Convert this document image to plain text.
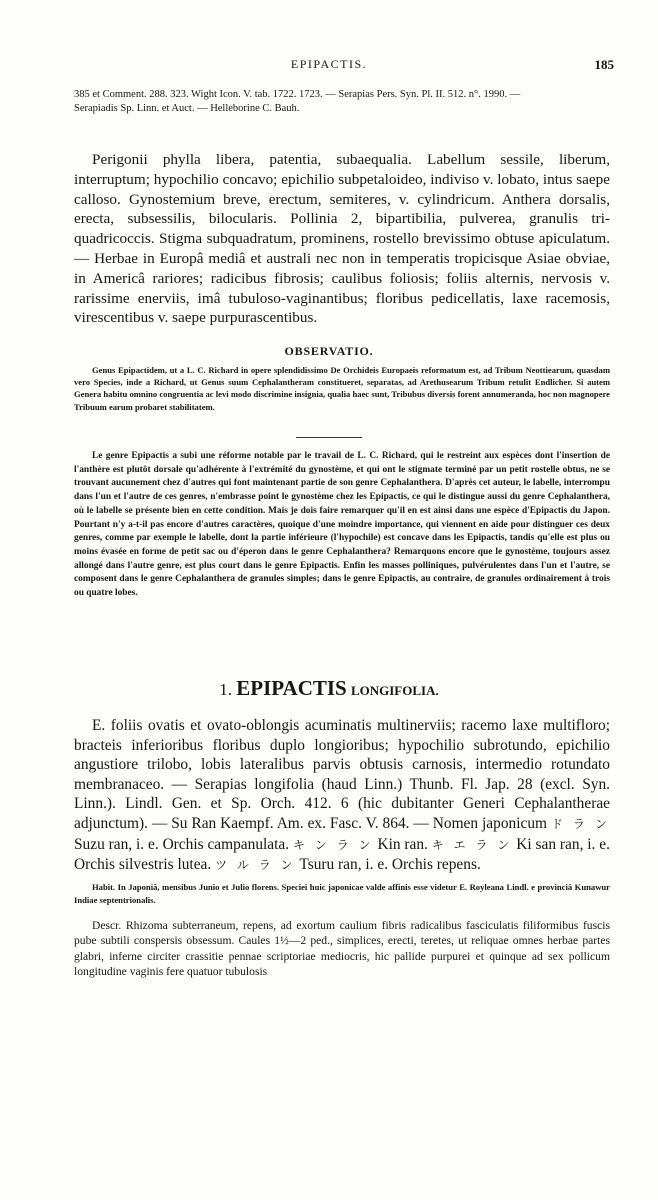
EPIPACTIS.	185
385 et Comment. 288. 323. Wight Icon. V. tab. 1722. 1723. — Serapias Pers. Syn. Pl. II. 512. n°. 1990. —
Serapiadis Sp. Linn. et Auct. — Helleborine C. Bauh.
Perigonii phylla libera, patentia, subaequalia. Labellum sessile, liberum, interruptum; hypochilio concavo; epichilio subpetaloideo, indiviso v. lobato, intus saepe calloso. Gynostemium breve, erectum, semiteres, v. cylindricum. Anthera dorsalis, erecta, subsessilis, bilocularis. Pollinia 2, bipartibilia, pulverea, granulis tri-quadricoccis. Stigma subquadratum, prominens, rostello brevissimo obtuse apiculatum. — Herbae in Europâ mediâ et australi nec non in temperatis tropicisque Asiae obviae, in Americâ rariores; radicibus fibrosis; caulibus foliosis; foliis alternis, nervosis v. rarissime enerviis, imâ tubuloso-vaginantibus; floribus pedicellatis, laxe racemosis, virescentibus v. saepe purpurascentibus.
OBSERVATIO.
Genus Epipactidem, ut a L. C. Richard in opere splendidissimo De Orchideis Europaeis reformatum est, ad Tribum Neottiearum, quasdam vero Species, inde a Richard, ut Genus suum Cephalantheram constitueret, separatas, ad Arethusearum Tribum retulit Endlicher. Si autem Genera habitu omnino congruentia ac levi modo discrimine insignia, qualia haec sunt, Tribubus diversis forent annumeranda, hoc non magnopere Tribuum earum probaret stabilitatem.
Le genre Epipactis a subi une réforme notable par le travail de L. C. Richard, qui le restreint aux espèces dont l'insertion de l'anthère est plutôt dorsale qu'adhérente à l'extrémité du gynostème, et qui ont le stigmate terminé par un petit rostelle obtus, ne se trouvant aucunement chez d'autres qui font maintenant partie de son genre Cephalanthera. D'après cet auteur, le labelle, interrompu dans l'un et l'autre de ces genres, n'embrasse point le gynostème chez les Epipactis, ce qui le distingue aussi du genre Cephalanthera, où le labelle se présente bien en cette condition. Mais je dois faire remarquer qu'il en est ainsi dans une espèce d'Epipactis du Japon. Pourtant n'y a-t-il pas encore d'autres caractères, quoique d'une moindre importance, qui viennent en aide pour distinguer ces deux genres, comme par exemple le labelle, dont la partie inférieure (l'hypochile) est concave dans les Epipactis, tandis qu'elle est plus ou moins évasée en forme de petit sac ou d'éperon dans le genre Cephalanthera? Remarquons encore que le gynostème, toujours assez allongé dans l'autre genre, est plus court dans le genre Epipactis. Enfin les masses polliniques, pulvérulentes dans l'un et l'autre, se composent dans le genre Cephalanthera de granules simples; dans le genre Epipactis, au contraire, de granules ordinairement à trois ou quatre lobes.
1. EPIPACTIS LONGIFOLIA.
E. foliis ovatis et ovato-oblongis acuminatis multinerviis; racemo laxe multifloro; bracteis inferioribus floribus duplo longioribus; hypochilio subrotundo, epichilio angustiore trilobo, lobis lateralibus parvis obtusis carnosis, intermedio rotundato membranaceo. — Serapias longifolia (haud Linn.) Thunb. Fl. Jap. 28 (excl. Syn. Linn.). Lindl. Gen. et Sp. Orch. 412. 6 (hic dubitanter Generi Cephalantherae adjunctum). — Su Ran Kaempf. Am. ex. Fasc. V. 864. — Nomen japonicum ド ラ ン Suzu ran, i. e. Orchis campanulata. キ ン ラ ン Kin ran. キ エ ラ ン Ki san ran, i. e. Orchis silvestris lutea. ツ ル ラ ン Tsuru ran, i. e. Orchis repens.
Habit. In Japoniâ, mensibus Junio et Julio florens. Speciei huic japonicae valde affinis esse videtur E. Royleana Lindl. e provinciâ Kunawur Indiae septentrionalis.
Descr. Rhizoma subterraneum, repens, ad exortum caulium fibris radicalibus fasciculatis filiformibus fuscis pube subtili conspersis obsessum. Caules 1½—2 ped., simplices, erecti, teretes, ut reliquae omnes herbae partes glabri, inferne circiter crassitie pennae scriptoriae mediocris, hic pallide purpurei et quinque ad sex pollicum longitudine vaginis fere quatuor tubulosis
